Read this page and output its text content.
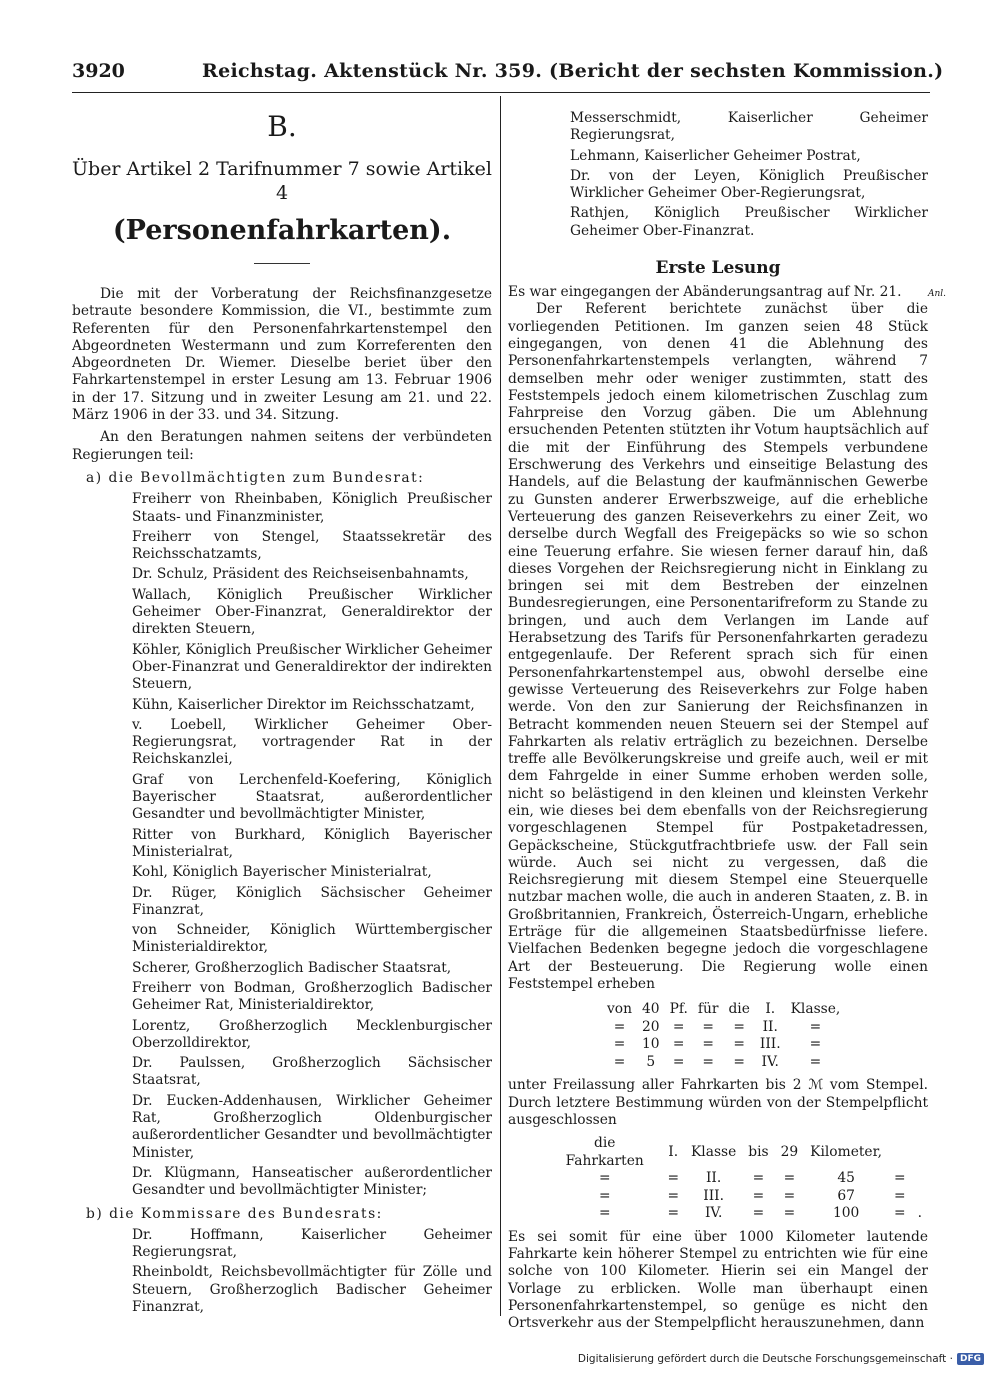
3920	Reichstag. Aktenstück Nr. 359. (Bericht der sechsten Kommission.)
B.
Über Artikel 2 Tarifnummer 7 sowie Artikel 4
(Personenfahrkarten).

Die mit der Vorberatung der Reichsfinanzgesetze betraute besondere Kommission, die VI., bestimmte zum Referenten für den Personenfahrkartenstempel den Abgeordneten Westermann und zum Korreferenten den Abgeordneten Dr. Wiemer. Dieselbe beriet über den Fahrkartenstempel in erster Lesung am 13. Februar 1906 in der 17. Sitzung und in zweiter Lesung am 21. und 22. März 1906 in der 33. und 34. Sitzung.

An den Beratungen nahmen seitens der verbündeten Regierungen teil:

a) die Bevollmächtigten zum Bundesrat:
Freiherr von Rheinbaben, Königlich Preußischer Staats- und Finanzminister,
Freiherr von Stengel, Staatssekretär des Reichsschatzamts,
Dr. Schulz, Präsident des Reichseisenbahnamts,
Wallach, Königlich Preußischer Wirklicher Geheimer Ober-Finanzrat, Generaldirektor der direkten Steuern,
Köhler, Königlich Preußischer Wirklicher Geheimer Ober-Finanzrat und Generaldirektor der indirekten Steuern,
Kühn, Kaiserlicher Direktor im Reichsschatzamt,
v. Loebell, Wirklicher Geheimer Ober-Regierungsrat, vortragender Rat in der Reichskanzlei,
Graf von Lerchenfeld-Koefering, Königlich Bayerischer Staatsrat, außerordentlicher Gesandter und bevollmächtigter Minister,
Ritter von Burkhard, Königlich Bayerischer Ministerialrat,
Kohl, Königlich Bayerischer Ministerialrat,
Dr. Rüger, Königlich Sächsischer Geheimer Finanzrat,
von Schneider, Königlich Württembergischer Ministerialdirektor,
Scherer, Großherzoglich Badischer Staatsrat,
Freiherr von Bodman, Großherzoglich Badischer Geheimer Rat, Ministerialdirektor,
Lorentz, Großherzoglich Mecklenburgischer Oberzolldirektor,
Dr. Paulssen, Großherzoglich Sächsischer Staatsrat,
Dr. Eucken-Addenhausen, Wirklicher Geheimer Rat, Großherzoglich Oldenburgischer außerordentlicher Gesandter und bevollmächtigter Minister,
Dr. Klügmann, Hanseatischer außerordentlicher Gesandter und bevollmächtigter Minister;
b) die Kommissare des Bundesrats:
Dr. Hoffmann, Kaiserlicher Geheimer Regierungsrat,
Rheinboldt, Reichsbevollmächtigter für Zölle und Steuern, Großherzoglich Badischer Geheimer Finanzrat,
Messerschmidt, Kaiserlicher Geheimer Regierungsrat,
Lehmann, Kaiserlicher Geheimer Postrat,
Dr. von der Leyen, Königlich Preußischer Wirklicher Geheimer Ober-Regierungsrat,
Rathjen, Königlich Preußischer Wirklicher Geheimer Ober-Finanzrat.
Erste Lesung

Es war eingegangen der Abänderungsantrag auf Nr. 21.	Anl.

Der Referent berichtete zunächst über die vorliegenden Petitionen. Im ganzen seien 48 Stück eingegangen, von denen 41 die Ablehnung des Personenfahrkartenstempels verlangten, während 7 demselben mehr oder weniger zustimmten, statt des Feststempels jedoch einem kilometrischen Zuschlag zum Fahrpreise den Vorzug gäben. Die um Ablehnung ersuchenden Petenten stützten ihr Votum hauptsächlich auf die mit der Einführung des Stempels verbundene Erschwerung des Verkehrs und einseitige Belastung des Handels, auf die Belastung der kaufmännischen Gewerbe zu Gunsten anderer Erwerbszweige, auf die erhebliche Verteuerung des ganzen Reiseverkehrs zu einer Zeit, wo derselbe durch Wegfall des Freigepäcks so wie so schon eine Teuerung erfahre. Sie wiesen ferner darauf hin, daß dieses Vorgehen der Reichsregierung nicht in Einklang zu bringen sei mit dem Bestreben der einzelnen Bundesregierungen, eine Personentarifreform zu Stande zu bringen, und auch dem Verlangen im Lande auf Herabsetzung des Tarifs für Personenfahrkarten geradezu entgegenlaufe. Der Referent sprach sich für einen Personenfahrkartenstempel aus, obwohl derselbe eine gewisse Verteuerung des Reiseverkehrs zur Folge haben werde. Von den zur Sanierung der Reichsfinanzen in Betracht kommenden neuen Steuern sei der Stempel auf Fahrkarten als relativ erträglich zu bezeichnen. Derselbe treffe alle Bevölkerungskreise und greife auch, weil er mit dem Fahrgelde in einer Summe erhoben werden solle, nicht so belästigend in den kleinen und kleinsten Verkehr ein, wie dieses bei dem ebenfalls von der Reichsregierung vorgeschlagenen Stempel für Postpaketadressen, Gepäckscheine, Stückgutfrachtbriefe usw. der Fall sein würde. Auch sei nicht zu vergessen, daß die Reichsregierung mit diesem Stempel eine Steuerquelle nutzbar machen wolle, die auch in anderen Staaten, z. B. in Großbritannien, Frankreich, Österreich-Ungarn, erhebliche Erträge für die allgemeinen Staatsbedürfnisse liefere. Vielfachen Bedenken begegne jedoch die vorgeschlagene Art der Besteuerung. Die Regierung wolle einen Feststempel erheben

von	40	Pf.	für	die	I.	Klasse,
=	20	=	=	=	II.	=
=	10	=	=	=	III.	=
=	5	=	=	=	IV.	=

unter Freilassung aller Fahrkarten bis 2 ℳ vom Stempel. Durch letztere Bestimmung würden von der Stempelpflicht ausgeschlossen

die Fahrkarten	I.	Klasse	bis	29	Kilometer,		
=	=	II.	=	=	45	=	
=	=	III.	=	=	67	=	
=	=	IV.	=	=	100	=	.

Es sei somit für eine über 1000 Kilometer lautende Fahrkarte kein höherer Stempel zu entrichten wie für eine solche von 100 Kilometer. Hierin sei ein Mangel der Vorlage zu erblicken. Wolle man überhaupt einen Personenfahrkartenstempel, so genüge es nicht den Ortsverkehr aus der Stempelpflicht herauszunehmen, dann

Digitalisierung gefördert durch die Deutsche Forschungsgemeinschaft · DFG
